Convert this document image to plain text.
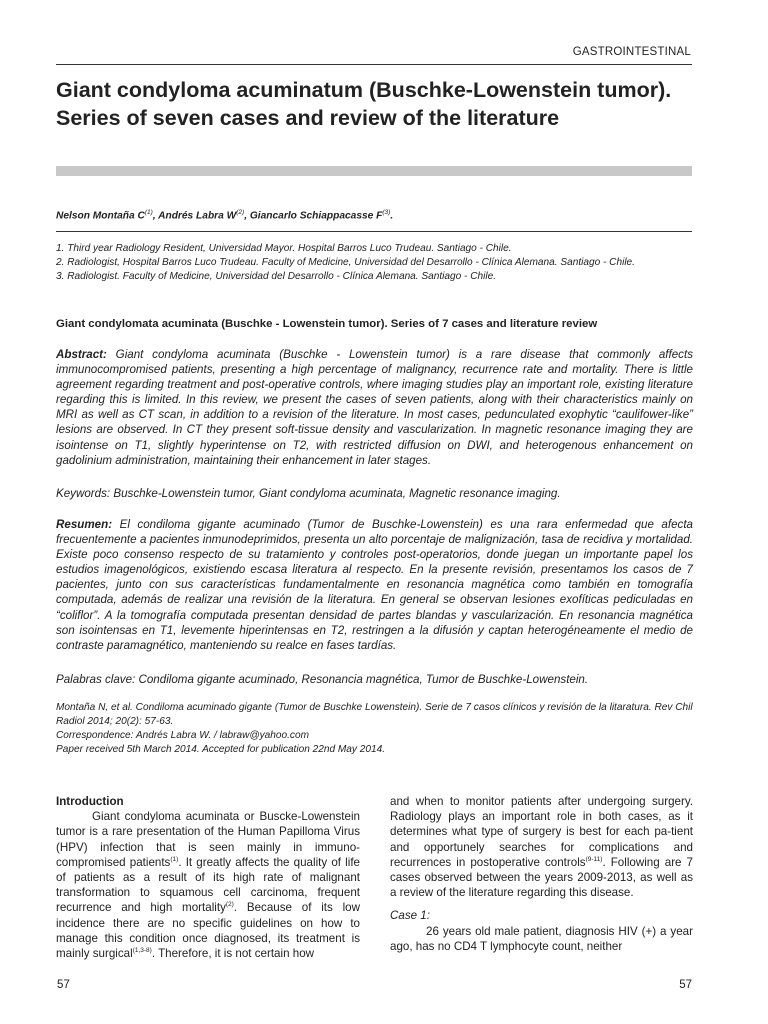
GASTROINTESTINAL
Giant condyloma acuminatum (Buschke-Lowenstein tumor). Series of seven cases and review of the literature
Nelson Montaña $C^{(1)}$, Andrés Labra $W^{(2)}$, Giancarlo Schiappacasse $F^{(3)}$.
1. Third year Radiology Resident, Universidad Mayor. Hospital Barros Luco Trudeau. Santiago - Chile.
2. Radiologist, Hospital Barros Luco Trudeau. Faculty of Medicine, Universidad del Desarrollo - Clínica Alemana. Santiago - Chile.
3. Radiologist. Faculty of Medicine, Universidad del Desarrollo - Clínica Alemana. Santiago - Chile.
Giant condylomata acuminata (Buschke - Lowenstein tumor). Series of 7 cases and literature review

Abstract: Giant condyloma acuminata (Buschke - Lowenstein tumor) is a rare disease that commonly affects immunocompromised patients, presenting a high percentage of malignancy, recurrence rate and mortality. There is little agreement regarding treatment and post-operative controls, where imaging studies play an important role, existing literature regarding this is limited. In this review, we present the cases of seven patients, along with their characteristics mainly on MRI as well as CT scan, in addition to a revision of the literature. In most cases, pedunculated exophytic “caulifower-like” lesions are observed. In CT they present soft-tissue density and vascularization. In magnetic resonance imaging they are isointense on T1, slightly hyperintense on T2, with restricted diffusion on DWI, and heterogenous enhancement on gadolinium administration, maintaining their enhancement in later stages.

Keywords: Buschke-Lowenstein tumor, Giant condyloma acuminata, Magnetic resonance imaging.

Resumen: El condiloma gigante acuminado (Tumor de Buschke-Lowenstein) es una rara enfermedad que afecta frecuentemente a pacientes inmunodeprimidos, presenta un alto porcentaje de malignización, tasa de recidiva y mortalidad. Existe poco consenso respecto de su tratamiento y controles post-operatorios, donde juegan un importante papel los estudios imagenológicos, existiendo escasa literatura al respecto. En la presente revisión, presentamos los casos de 7 pacientes, junto con sus características fundamentalmente en resonancia magnética como también en tomografía computada, además de realizar una revisión de la literatura. En general se observan lesiones exofíticas pediculadas en “coliflor”. A la tomografía computada presentan densidad de partes blandas y vascularización. En resonancia magnética son isointensas en T1, levemente hiperintensas en T2, restringen a la difusión y captan heterogéneamente el medio de contraste paramagnético, manteniendo su realce en fases tardías.

Palabras clave: Condiloma gigante acuminado, Resonancia magnética, Tumor de Buschke-Lowenstein.
Montaña N, et al. Condiloma acuminado gigante (Tumor de Buschke Lowenstein). Serie de 7 casos clínicos y revisión de la litaratura. Rev Chil Radiol 2014; 20(2): 57-63.
Correspondence: Andrés Labra W. / labraw@yahoo.com
Paper received 5th March 2014. Accepted for publication 22nd May 2014.
Introduction

Giant condyloma acuminata or Buscke-Lowenstein tumor is a rare presentation of the Human Papilloma Virus (HPV) infection that is seen mainly in immuno-compromised patients$^{(1)}$. It greatly affects the quality of life of patients as a result of its high rate of malignant transformation to squamous cell carcinoma, frequent recurrence and high mortality$^{(2)}$. Because of its low incidence there are no specific guidelines on how to manage this condition once diagnosed, its treatment is mainly surgical$^{(1,3-8)}$. Therefore, it is not certain how

and when to monitor patients after undergoing surgery. Radiology plays an important role in both cases, as it determines what type of surgery is best for each pa-tient and opportunely searches for complications and recurrences in postoperative controls$^{(9-11)}$. Following are 7 cases observed between the years 2009-2013, as well as a review of the literature regarding this disease.

Case 1:

26 years old male patient, diagnosis HIV (+) a year ago, has no CD4 T lymphocyte count, neither

57	57
